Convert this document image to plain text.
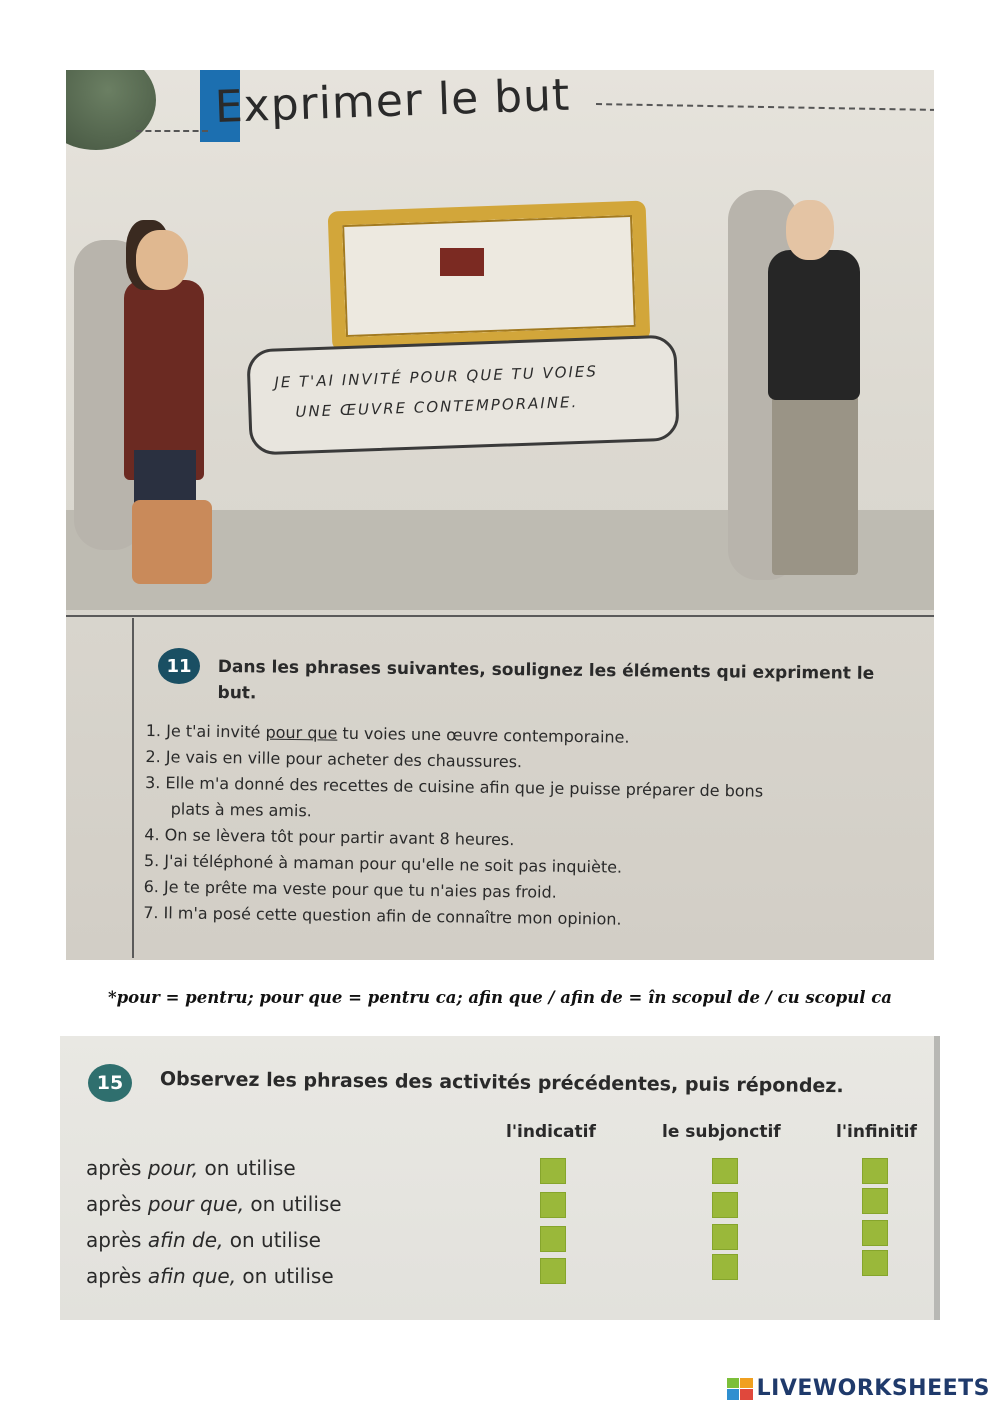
Exprimer le but
JE T'AI INVITÉ POUR QUE TU VOIES
UNE ŒUVRE CONTEMPORAINE.
11	Dans les phrases suivantes, soulignez les éléments qui expriment le but.
1. Je t'ai invité pour que tu voies une œuvre contemporaine.
2. Je vais en ville pour acheter des chaussures.
3. Elle m'a donné des recettes de cuisine afin que je puisse préparer de bons
plats à mes amis.
4. On se lèvera tôt pour partir avant 8 heures.
5. J'ai téléphoné à maman pour qu'elle ne soit pas inquiète.
6. Je te prête ma veste pour que tu n'aies pas froid.
7. Il m'a posé cette question afin de connaître mon opinion.
*pour = pentru; pour que = pentru ca; afin que / afin de = în scopul de / cu scopul ca
15	Observez les phrases des activités précédentes, puis répondez.
l'indicatif	le subjonctif	l'infinitif
après pour, on utilise
après pour que, on utilise
après afin de, on utilise
après afin que, on utilise
LIVEWORKSHEETS
